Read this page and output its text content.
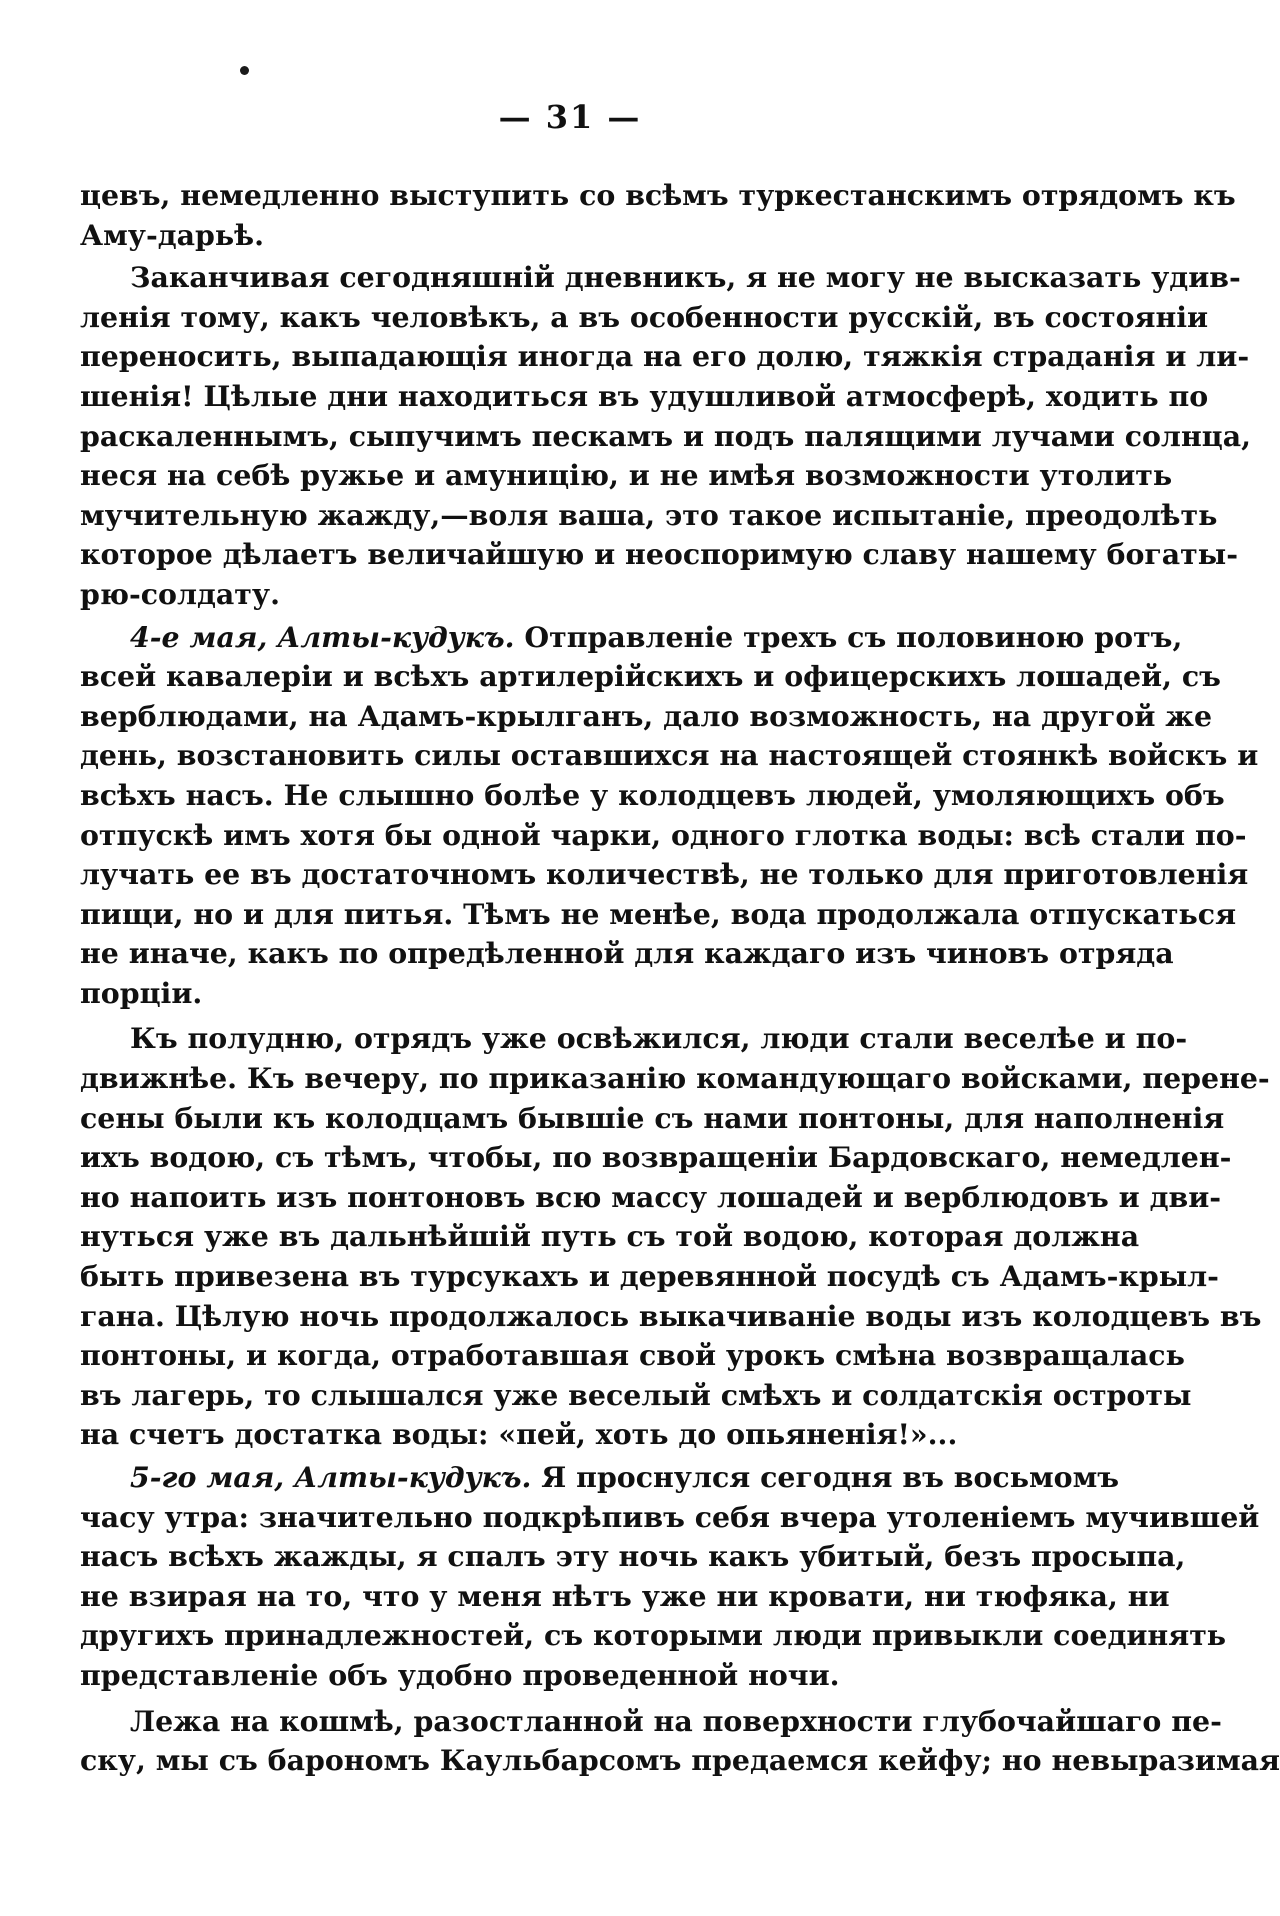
— 31 —
цевъ, немедленно выступить со всѣмъ туркестанскимъ отрядомъ къ
Аму-дарьѣ.
Заканчивая сегодняшній дневникъ, я не могу не высказать удив-
ленія тому, какъ человѣкъ, а въ особенности русскій, въ состояніи
переносить, выпадающія иногда на его долю, тяжкія страданія и ли-
шенія! Цѣлые дни находиться въ удушливой атмосферѣ, ходить по
раскаленнымъ, сыпучимъ пескамъ и подъ палящими лучами солнца,
неся на себѣ ружье и амуницію, и не имѣя возможности утолить
мучительную жажду,—воля ваша, это такое испытаніе, преодолѣть
которое дѣлаетъ величайшую и неоспоримую славу нашему богаты-
рю-солдату.
4-е мая, Алты-кудукъ. Отправленіе трехъ съ половиною ротъ,
всей кавалеріи и всѣхъ артилерійскихъ и офицерскихъ лошадей, съ
верблюдами, на Адамъ-крылганъ, дало возможность, на другой же
день, возстановить силы оставшихся на настоящей стоянкѣ войскъ и
всѣхъ насъ. Не слышно болѣе у колодцевъ людей, умоляющихъ объ
отпускѣ имъ хотя бы одной чарки, одного глотка воды: всѣ стали по-
лучать ее въ достаточномъ количествѣ, не только для приготовленія
пищи, но и для питья. Тѣмъ не менѣе, вода продолжала отпускаться
не иначе, какъ по опредѣленной для каждаго изъ чиновъ отряда
порціи.
Къ полудню, отрядъ уже освѣжился, люди стали веселѣе и по-
движнѣе. Къ вечеру, по приказанію командующаго войсками, перенe-
сены были къ колодцамъ бывшіе съ нами понтоны, для наполненія
ихъ водою, съ тѣмъ, чтобы, по возвращеніи Бардовскаго, немедлен-
но напоить изъ понтоновъ всю массу лошадей и верблюдовъ и дви-
нуться уже въ дальнѣйшій путь съ той водою, которая должна
быть привезена въ турсукахъ и деревянной посудѣ съ Адамъ-крыл-
гана. Цѣлую ночь продолжалось выкачиваніе воды изъ колодцевъ въ
понтоны, и когда, отработавшая свой урокъ смѣна возвращалась
въ лагерь, то слышался уже веселый смѣхъ и солдатскія остроты
на счетъ достатка воды: «пей, хоть до опьяненія!»...
5-го мая, Алты-кудукъ. Я проснулся сегодня въ восьмомъ
часу утра: значительно подкрѣпивъ себя вчера утоленіемъ мучившей
насъ всѣхъ жажды, я спалъ эту ночь какъ убитый, безъ просыпа,
не взирая на то, что у меня нѣтъ уже ни кровати, ни тюфяка, ни
другихъ принадлежностей, съ которыми люди привыкли соединять
представленіе объ удобно проведенной ночи.
Лежа на кошмѣ, разостланной на поверхности глубочайшаго пе-
ску, мы съ барономъ Каульбарсомъ предаемся кейфу; но невыразимая
